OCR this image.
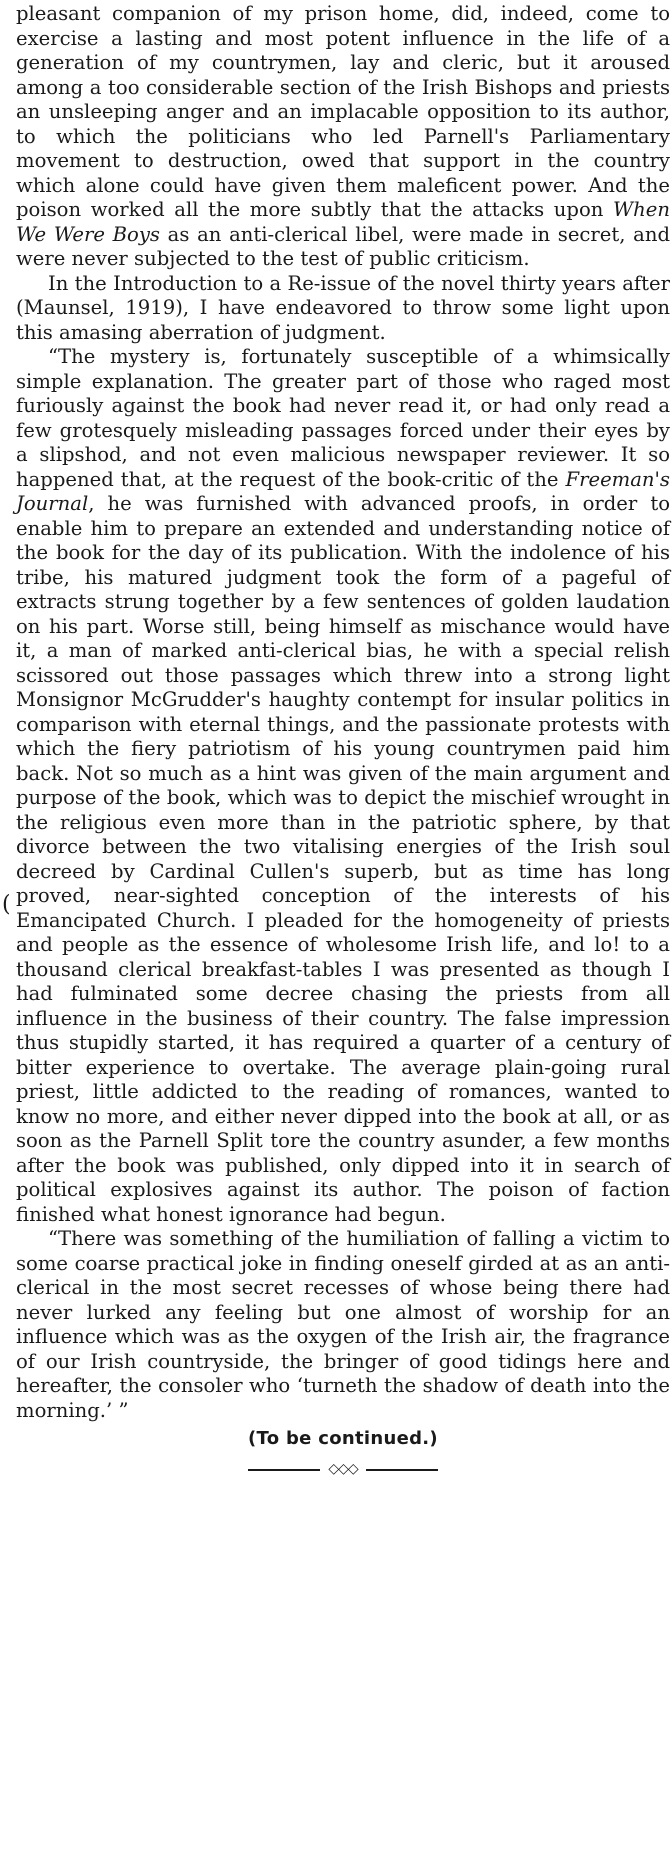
pleasant companion of my prison home, did, indeed, come to exercise a lasting and most potent influence in the life of a generation of my countrymen, lay and cleric, but it aroused among a too considerable section of the Irish Bishops and priests an unsleeping anger and an implacable opposition to its author, to which the politicians who led Parnell's Parliamentary movement to destruction, owed that support in the country which alone could have given them maleficent power. And the poison worked all the more subtly that the attacks upon When We Were Boys as an anti-clerical libel, were made in secret, and were never subjected to the test of public criticism.

In the Introduction to a Re-issue of the novel thirty years after (Maunsel, 1919), I have endeavored to throw some light upon this amasing aberration of judgment.

“The mystery is, fortunately susceptible of a whimsically simple explanation. The greater part of those who raged most furiously against the book had never read it, or had only read a few grotesquely misleading passages forced under their eyes by a slipshod, and not even malicious newspaper reviewer. It so happened that, at the request of the book-critic of the Freeman's Journal, he was furnished with advanced proofs, in order to enable him to prepare an extended and understanding notice of the book for the day of its publication. With the indolence of his tribe, his matured judgment took the form of a pageful of extracts strung together by a few sentences of golden laudation on his part. Worse still, being himself as mischance would have it, a man of marked anti-clerical bias, he with a special relish scissored out those passages which threw into a strong light Monsignor McGrudder's haughty contempt for insular politics in comparison with eternal things, and the passionate protests with which the fiery patriotism of his young countrymen paid him back. Not so much as a hint was given of the main argument and purpose of the book, which was to depict the mischief wrought in the religious even more than in the patriotic sphere, by that divorce between the two vitalising energies of the Irish soul decreed by Cardinal Cullen's superb, but as time has long proved, near-sighted conception of the interests of his Emancipated Church. I pleaded for the homogeneity of priests and people as the essence of wholesome Irish life, and lo! to a thousand clerical breakfast-tables I was presented as though I had fulminated some decree chasing the priests from all influence in the business of their country. The false impression thus stupidly started, it has required a quarter of a century of bitter experience to overtake. The average plain-going rural priest, little addicted to the reading of romances, wanted to know no more, and either never dipped into the book at all, or as soon as the Parnell Split tore the country asunder, a few months after the book was published, only dipped into it in search of political explosives against its author. The poison of faction finished what honest ignorance had begun.

“There was something of the humiliation of falling a victim to some coarse practical joke in finding oneself girded at as an anti-clerical in the most secret recesses of whose being there had never lurked any feeling but one almost of worship for an influence which was as the oxygen of the Irish air, the fragrance of our Irish countryside, the bringer of good tidings here and hereafter, the consoler who ‘turneth the shadow of death into the morning.’ ”

(To be continued.)
◇◇◇
(
